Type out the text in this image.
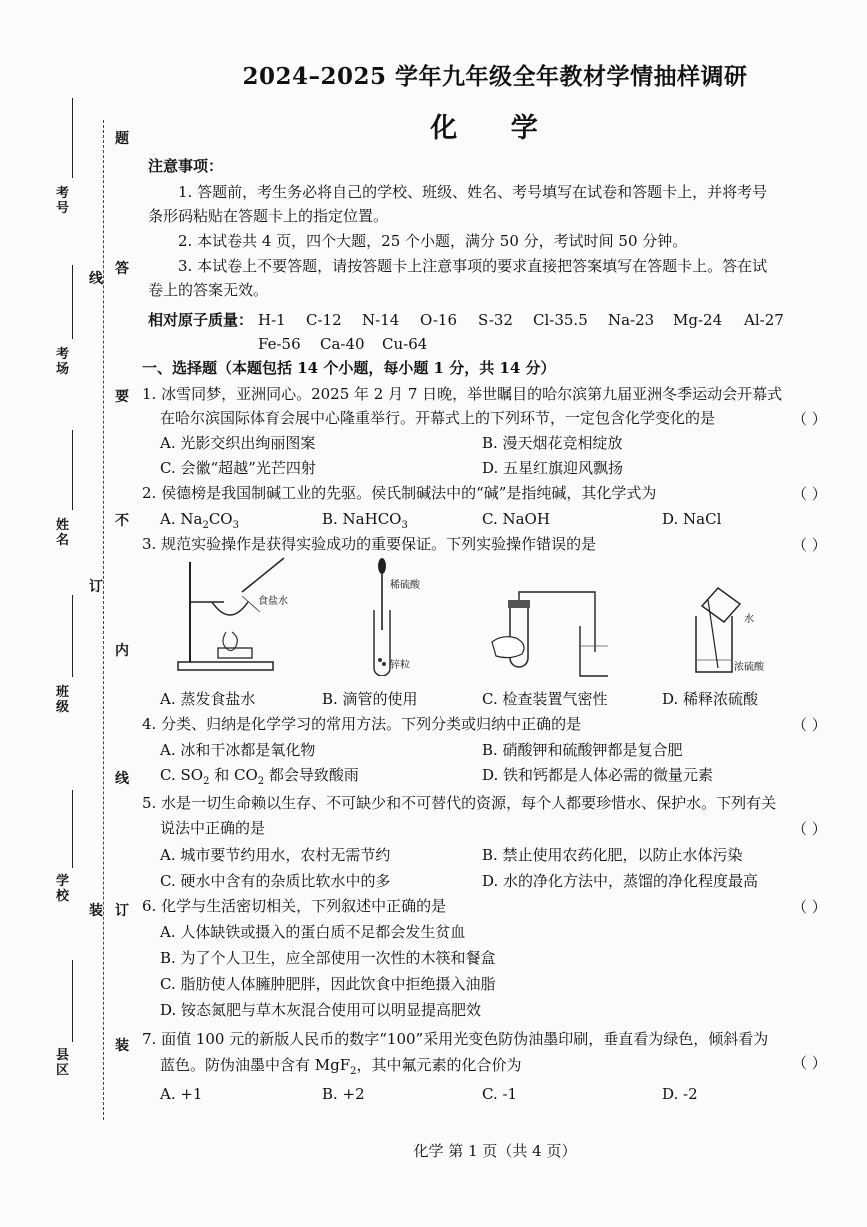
考号
考场
姓名
班级
学校
县区
题
答
要
不
内
线
订
装
线
订
装
2024–2025 学年九年级全年教材学情抽样调研
化 学
注意事项：
1. 答题前，考生务必将自己的学校、班级、姓名、考号填写在试卷和答题卡上，并将考号
条形码粘贴在答题卡上的指定位置。
2. 本试卷共 4 页，四个大题，25 个小题，满分 50 分，考试时间 50 分钟。
3. 本试卷上不要答题，请按答题卡上注意事项的要求直接把答案填写在答题卡上。答在试
卷上的答案无效。
相对原子质量： H-1 C-12 N-14 O-16 S-32 Cl-35.5 Na-23 Mg-24 Al-27
Fe-56 Ca-40 Cu-64
一、选择题（本题包括 14 个小题，每小题 1 分，共 14 分）
1. 冰雪同梦，亚洲同心。2025 年 2 月 7 日晚，举世瞩目的哈尔滨第九届亚洲冬季运动会开幕式
在哈尔滨国际体育会展中心隆重举行。开幕式上的下列环节，一定包含化学变化的是	（ ）
A. 光影交织出绚丽图案	B. 漫天烟花竞相绽放
C. 会徽“超越”光芒四射	D. 五星红旗迎风飘扬
2. 侯德榜是我国制碱工业的先驱。侯氏制碱法中的“碱”是指纯碱，其化学式为	（ ）
A. $Na_2CO_3$	B. NaHCO$_3$	C. NaOH	D. NaCl
3. 规范实验操作是获得实验成功的重要保证。下列实验操作错误的是	（ ）
食盐水
稀硫酸
锌粒
水
浓硫酸
A. 蒸发食盐水	B. 滴管的使用	C. 检查装置气密性	D. 稀释浓硫酸
4. 分类、归纳是化学学习的常用方法。下列分类或归纳中正确的是	（ ）
A. 冰和干冰都是氧化物	B. 硝酸钾和硫酸钾都是复合肥
C. $SO_2$ 和 $CO_2$ 都会导致酸雨	D. 铁和钙都是人体必需的微量元素
5. 水是一切生命赖以生存、不可缺少和不可替代的资源，每个人都要珍惜水、保护水。下列有关
说法中正确的是	（ ）
A. 城市要节约用水，农村无需节约	B. 禁止使用农药化肥，以防止水体污染
C. 硬水中含有的杂质比软水中的多	D. 水的净化方法中，蒸馏的净化程度最高
6. 化学与生活密切相关，下列叙述中正确的是	（ ）
A. 人体缺铁或摄入的蛋白质不足都会发生贫血
B. 为了个人卫生，应全部使用一次性的木筷和餐盒
C. 脂肪使人体臃肿肥胖，因此饮食中拒绝摄入油脂
D. 铵态氮肥与草木灰混合使用可以明显提高肥效
7. 面值 100 元的新版人民币的数字“100”采用光变色防伪油墨印刷，垂直看为绿色，倾斜看为
蓝色。防伪油墨中含有 MgF$_2$，其中氟元素的化合价为	（ ）
A. +1	B. +2	C. -1	D. -2
化学 第 1 页（共 4 页）
